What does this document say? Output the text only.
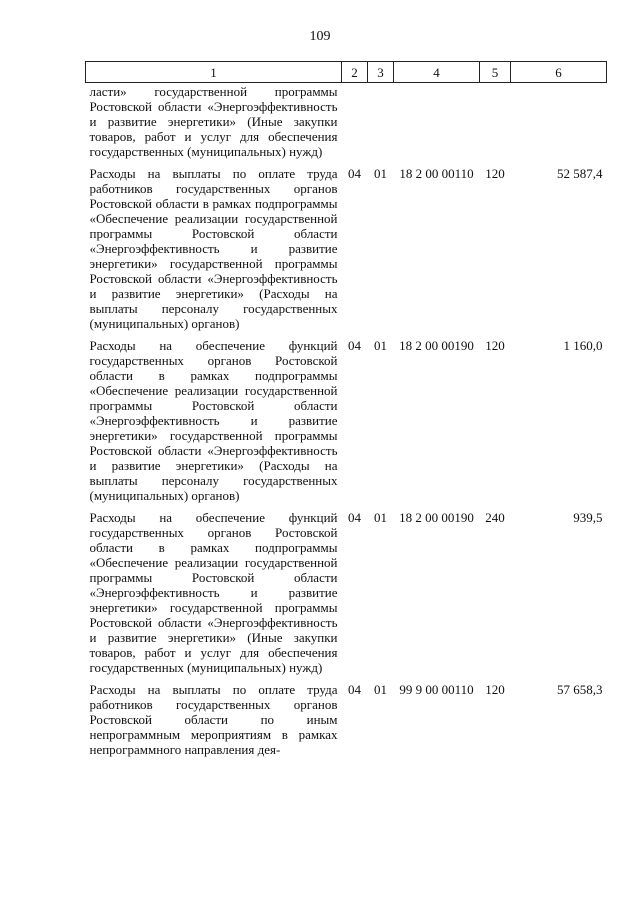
109
1	2	3	4	5	6
ласти» государственной программы Ростовской области «Энергоэффективность и развитие энергетики» (Иные закупки товаров, работ и услуг для обеспечения государственных (муниципальных) нужд)					
Расходы на выплаты по оплате труда работников государственных органов Ростовской области в рамках подпрограммы «Обеспечение реализации государственной программы Ростовской области «Энергоэффективность и развитие энергетики» государственной программы Ростовской области «Энергоэффективность и развитие энергетики» (Расходы на выплаты персоналу государственных (муниципальных) органов)	04	01	18 2 00 00110	120	52 587,4
Расходы на обеспечение функций государственных органов Ростовской области в рамках подпрограммы «Обеспечение реализации государственной программы Ростовской области «Энергоэффективность и развитие энергетики» государственной программы Ростовской области «Энергоэффективность и развитие энергетики» (Расходы на выплаты персоналу государственных (муниципальных) органов)	04	01	18 2 00 00190	120	1 160,0
Расходы на обеспечение функций государственных органов Ростовской области в рамках подпрограммы «Обеспечение реализации государственной программы Ростовской области «Энергоэффективность и развитие энергетики» государственной программы Ростовской области «Энергоэффективность и развитие энергетики» (Иные закупки товаров, работ и услуг для обеспечения государственных (муниципальных) нужд)	04	01	18 2 00 00190	240	939,5
Расходы на выплаты по оплате труда работников государственных органов Ростовской области по иным непрограммным мероприятиям в рамках непрограммного направления дея-	04	01	99 9 00 00110	120	57 658,3
